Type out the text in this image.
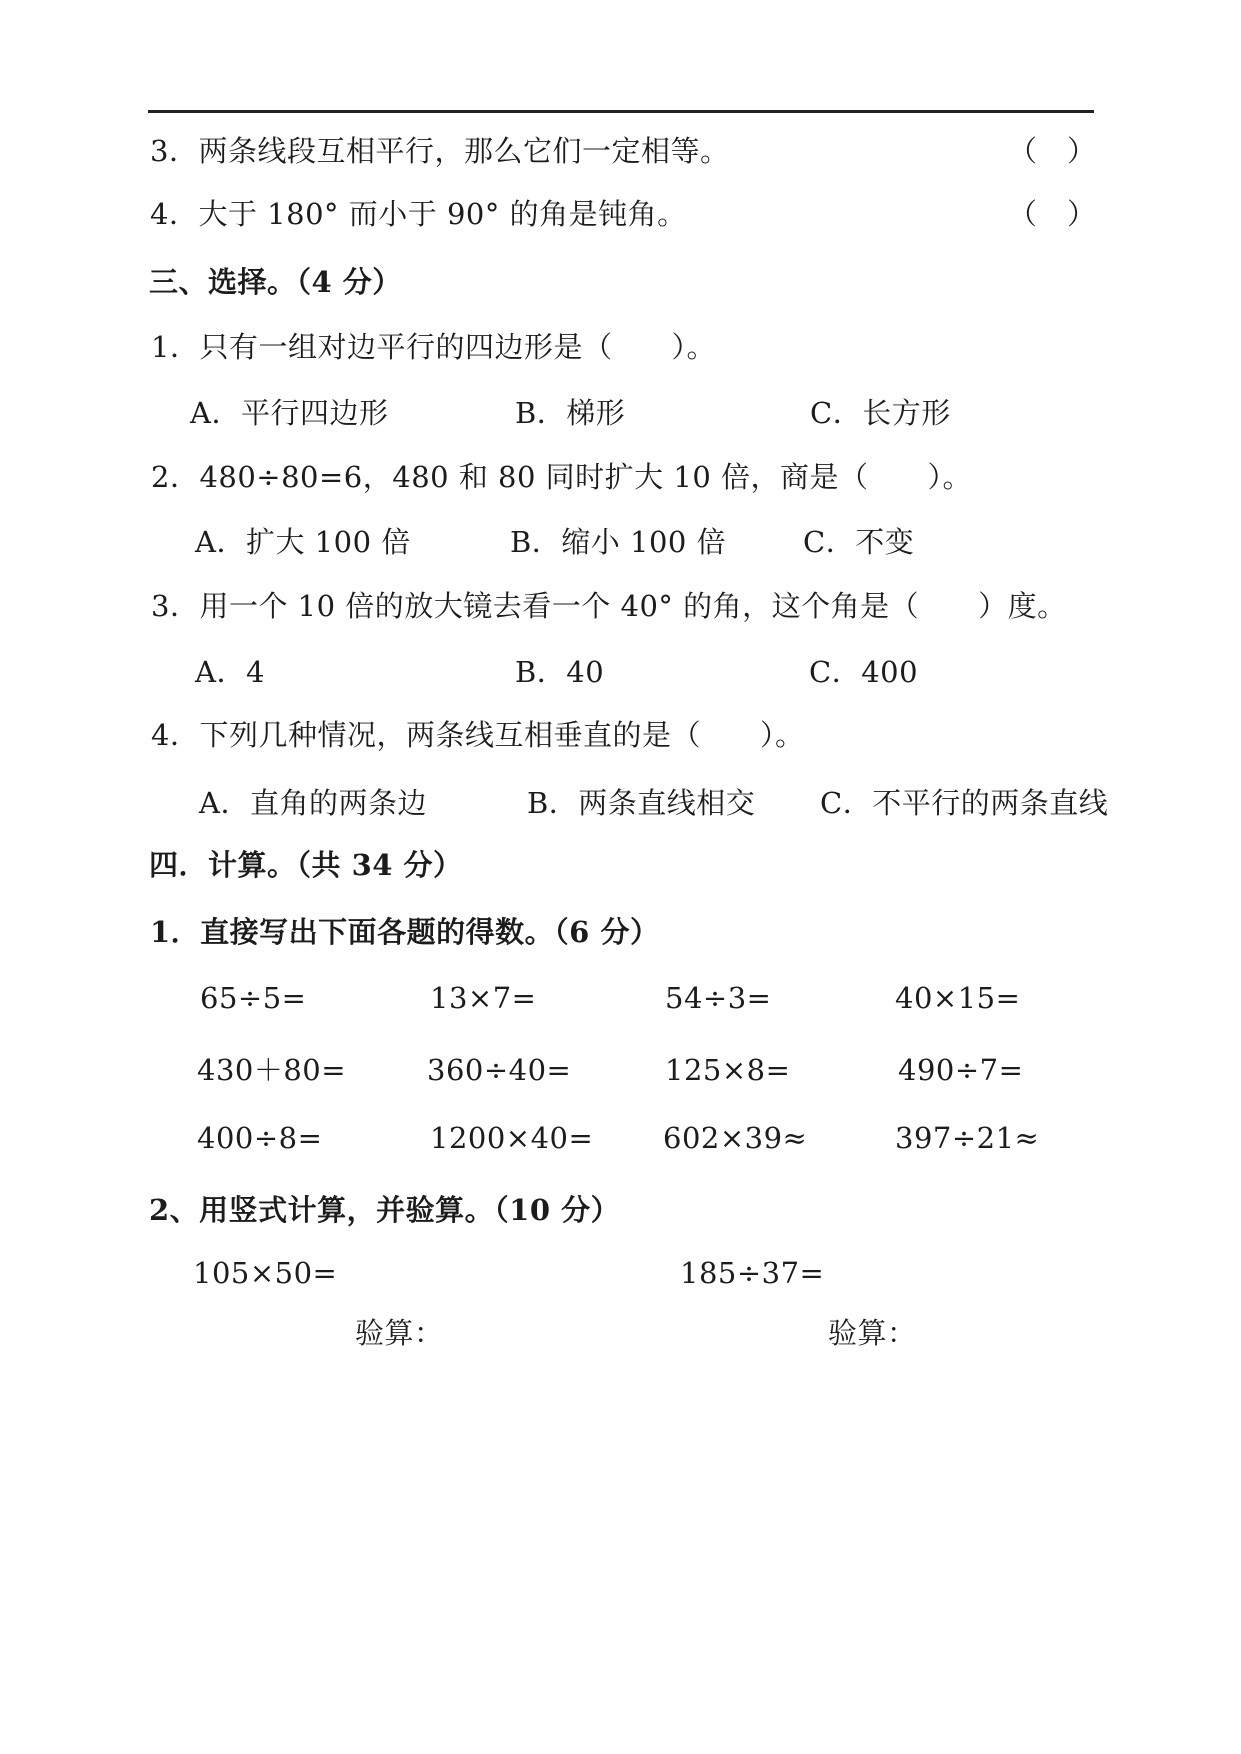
3．两条线段互相平行，那么它们一定相等。	（　）
4．大于 180° 而小于 90° 的角是钝角。	（　）
三、选择。（4 分）
1．只有一组对边平行的四边形是（　　）。
A．平行四边形	B．梯形	C．长方形
2．480÷80=6，480 和 80 同时扩大 10 倍，商是（　　）。
A．扩大 100 倍	B．缩小 100 倍	C．不变
3．用一个 10 倍的放大镜去看一个 40° 的角，这个角是（　　）度。
A．4	B．40	C．400
4．下列几种情况，两条线互相垂直的是（　　）。
A．直角的两条边	B．两条直线相交 C．不平行的两条直线
四．计算。（共 34 分）
1．直接写出下面各题的得数。（6 分）
65÷5=	13×7=	54÷3=	40×15=
430＋80=	360÷40=	125×8=	490÷7=
400÷8=	1200×40= 602×39≈	397÷21≈
2、用竖式计算，并验算。（10 分）
105×50=	185÷37=
验算：	验算：
